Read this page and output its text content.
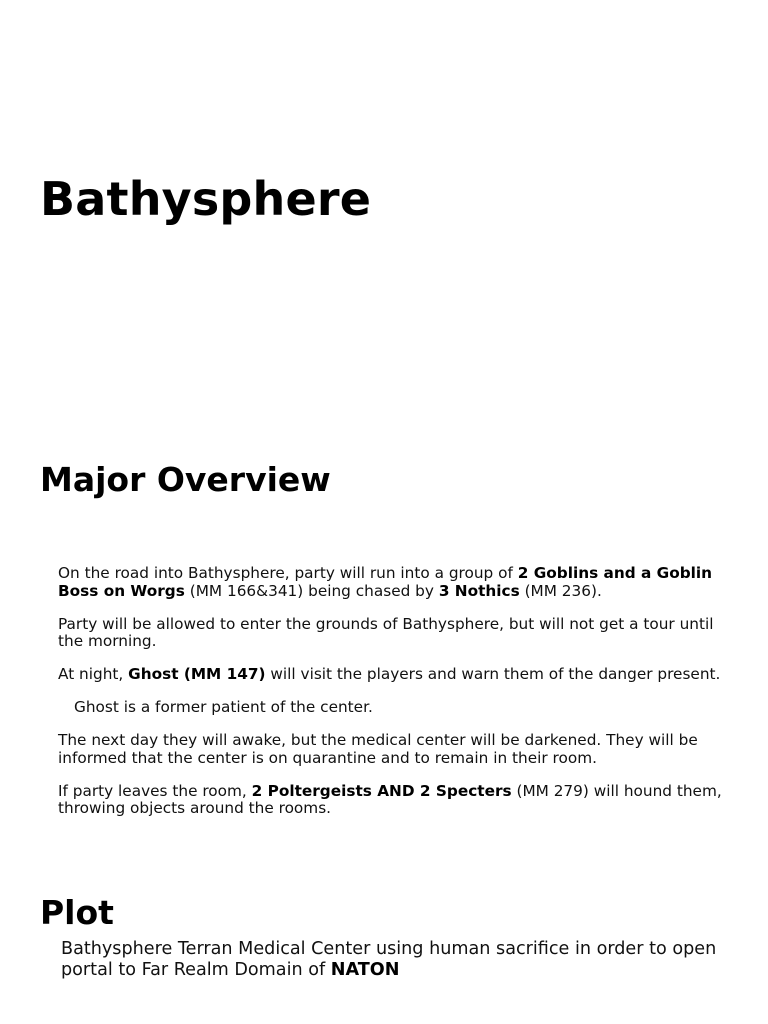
Bathysphere
Major Overview

On the road into Bathysphere, party will run into a group of 2 Goblins and a Goblin Boss on Worgs (MM 166&341) being chased by 3 Nothics (MM 236).

Party will be allowed to enter the grounds of Bathysphere, but will not get a tour until the morning.

At night, Ghost (MM 147) will visit the players and warn them of the danger present.

Ghost is a former patient of the center.

The next day they will awake, but the medical center will be darkened. They will be informed that the center is on quarantine and to remain in their room.

If party leaves the room, 2 Poltergeists AND 2 Specters (MM 279) will hound them, throwing objects around the rooms.

Plot

Bathysphere Terran Medical Center using human sacrifice in order to open portal to Far Realm Domain of NATON
